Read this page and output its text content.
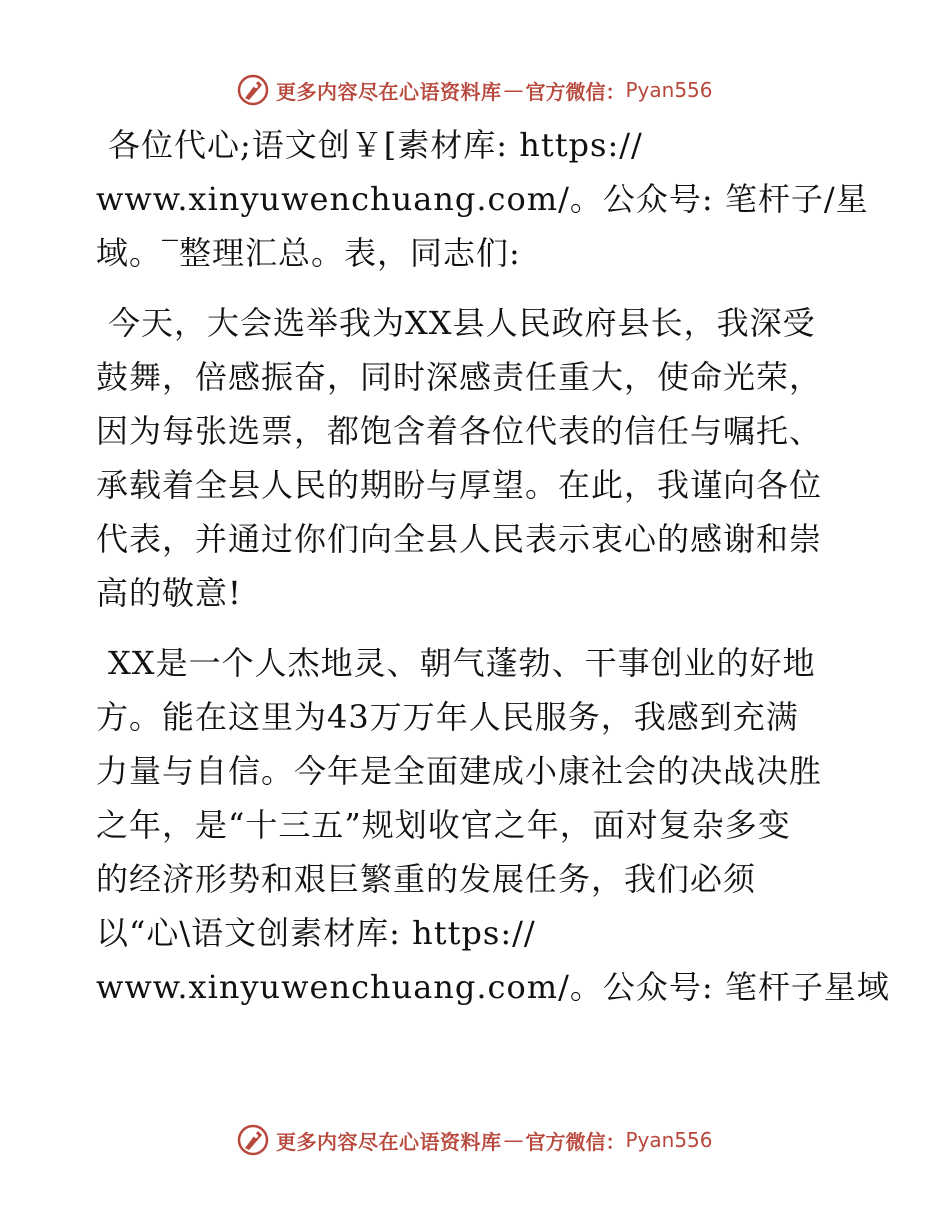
更多内容尽在心语资料库 — 官方微信： Pyan556

各位代心;语文创￥[素材库: https://
www.xinyuwenchuang.com/。公众号: 笔杆子/星
域。‾整理汇总。表，同志们:

今天，大会选举我为XX县人民政府县长，我深受
鼓舞，倍感振奋，同时深感责任重大，使命光荣，
因为每张选票，都饱含着各位代表的信任与嘱托、
承载着全县人民的期盼与厚望。在此，我谨向各位
代表，并通过你们向全县人民表示衷心的感谢和崇
高的敬意!

XX是一个人杰地灵、朝气蓬勃、干事创业的好地
方。能在这里为43万万年人民服务，我感到充满
力量与自信。今年是全面建成小康社会的决战决胜
之年，是“十三五”规划收官之年，面对复杂多变
的经济形势和艰巨繁重的发展任务，我们必须
以“心\语文创素材库: https://
www.xinyuwenchuang.com/。公众号: 笔杆子星域

更多内容尽在心语资料库 — 官方微信： Pyan556
